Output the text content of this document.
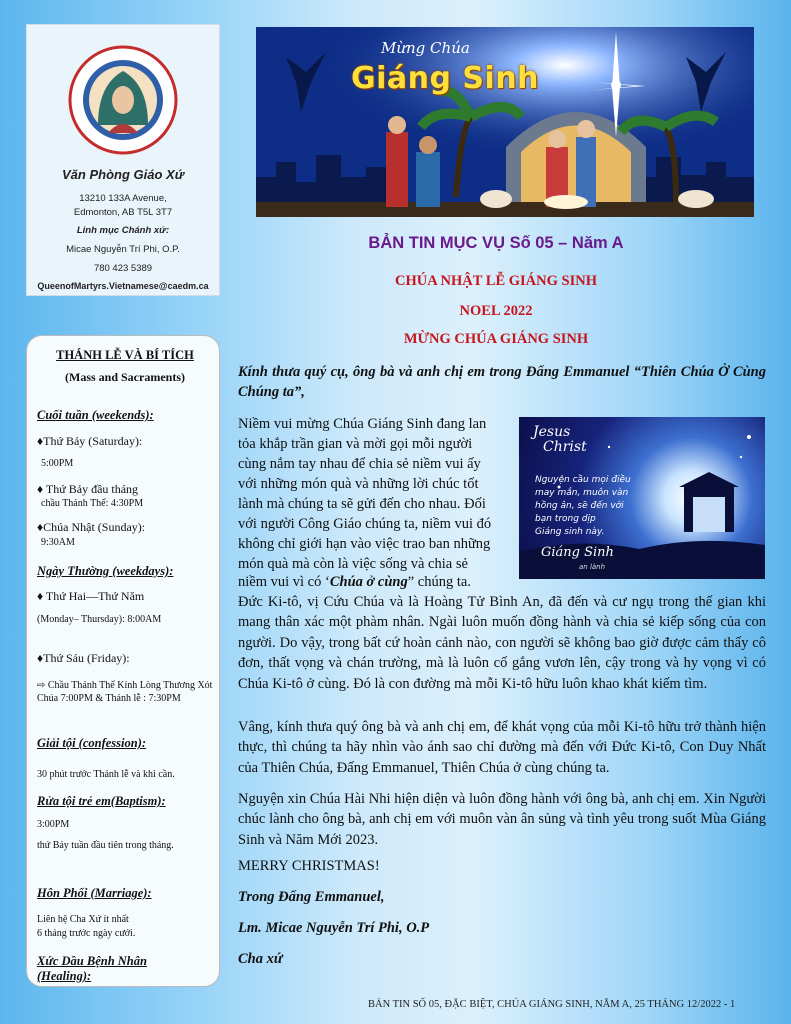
Văn Phòng Giáo Xứ
13210 133A Avenue,
Edmonton, AB T5L 3T7
Linh mục Chánh xứ:
Micae Nguyễn Trí Phi, O.P.
780 423 5389
QueenofMartyrs.Vietnamese@caedm.ca
THÁNH LỄ VÀ BÍ TÍCH
(Mass and Sacraments)
Cuối tuần (weekends):
♦Thứ Bảy (Saturday):
5:00PM
♦ Thứ Bảy đầu tháng
chầu Thánh Thể: 4:30PM
♦Chúa Nhật (Sunday):
9:30AM
Ngày Thường (weekdays):
♦ Thứ Hai—Thứ Năm
(Monday– Thursday): 8:00AM
♦Thứ Sáu (Friday):
⇨ Chầu Thánh Thể Kính Lòng Thương Xót Chúa 7:00PM & Thánh lễ : 7:30PM
Giải tội (confession):
30 phút trước Thánh lễ và khi cần.
Rửa tội trẻ em(Baptism):
3:00PM
thứ Bảy tuần đầu tiên trong tháng.
Hôn Phối (Marriage):
Liên hệ Cha Xứ ít nhất
6 tháng trước ngày cưới.
Xức Dầu Bệnh Nhân (Healing):
Mừng Chúa
Giáng Sinh
BẢN TIN MỤC VỤ Số 05 – Năm A
CHÚA NHẬT LỄ GIÁNG SINH
NOEL 2022
MỪNG CHÚA GIÁNG SINH
Kính thưa quý cụ, ông bà và anh chị em trong Đấng Emmanuel “Thiên Chúa Ở Cùng Chúng ta”,
Jesus
Christ
Nguyện cầu mọi điều
may mắn, muôn vàn
hồng ân, sẽ đến với
bạn trong dịp
Giáng sinh này.
Giáng Sinh
an lành
Niềm vui mừng Chúa Giáng Sinh đang lan
tỏa khắp trần gian và mời gọi mỗi người
cùng nắm tay nhau để chia sẻ niềm vui ấy
với những món quà và những lời chúc tốt
lành mà chúng ta sẽ gửi đến cho nhau. Đối
với người Công Giáo chúng ta, niềm vui đó
không chỉ giới hạn vào việc trao ban những
món quà mà còn là việc sống và chia sẻ
niềm vui vì có ‘Chúa ở cùng” chúng ta.
Đức Ki-tô, vị Cứu Chúa và là Hoàng Tử Bình An, đã đến và cư ngụ trong thế gian khi mang thân xác một phàm nhân. Ngài luôn muốn đồng hành và chia sẻ kiếp sống của con người. Do vậy, trong bất cứ hoàn cảnh nào, con người sẽ không bao giờ được cảm thấy cô đơn, thất vọng và chán trường, mà là luôn cố gắng vươn lên, cậy trong và hy vọng vì có Chúa Ki-tô ở cùng. Đó là con đường mà mỗi Ki-tô hữu luôn khao khát kiếm tìm.
Vâng, kính thưa quý ông bà và anh chị em, để khát vọng của mỗi Ki-tô hữu trở thành hiện thực, thì chúng ta hãy nhìn vào ánh sao chỉ đường mà đến với Đức Ki-tô, Con Duy Nhất của Thiên Chúa, Đấng Emmanuel, Thiên Chúa ở cùng chúng ta.
Nguyện xin Chúa Hài Nhi hiện diện và luôn đồng hành với ông bà, anh chị em. Xin Người chúc lành cho ông bà, anh chị em với muôn vàn ân sủng và tình yêu trong suốt Mùa Giáng Sinh và Năm Mới 2023.
MERRY CHRISTMAS!
Trong Đấng Emmanuel,
Lm. Micae Nguyễn Trí Phi, O.P
Cha xứ
BẢN TIN SỐ 05, ĐẶC BIỆT, CHÚA GIÁNG SINH, NĂM A, 25 THÁNG 12/2022 - 1
